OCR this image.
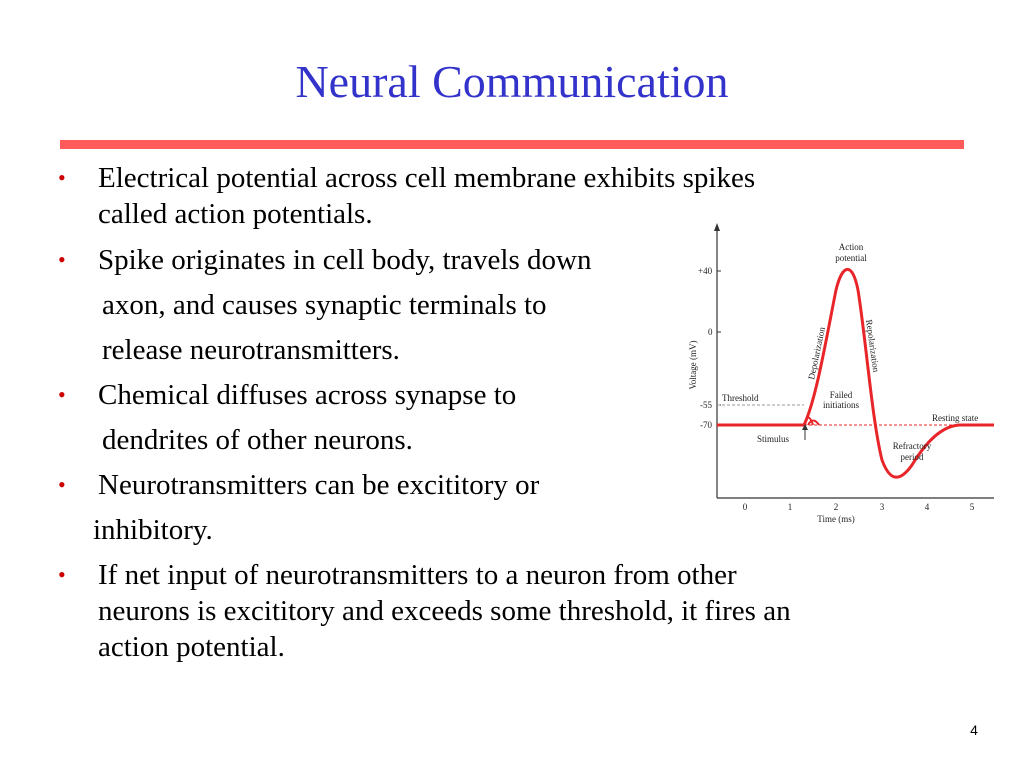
Neural Communication
• Electrical potential across cell membrane exhibits spikes
called action potentials.
• Spike originates in cell body, travels down
axon, and causes synaptic terminals to
release neurotransmitters.
• Chemical diffuses across synapse to
dendrites of other neurons.
• Neurotransmitters can be excititory or
inhibitory.
• If net input of neurotransmitters to a neuron from other
neurons is excititory and exceeds some threshold, it fires an
action potential.
+40
0
-55
-70
0	1	2	3	4	5
Time (ms)
Voltage (mV)
Threshold
Resting state
Stimulus
Action
potential
Failed
initiations
Refractory
period
Depolarization	Repolarization
4
